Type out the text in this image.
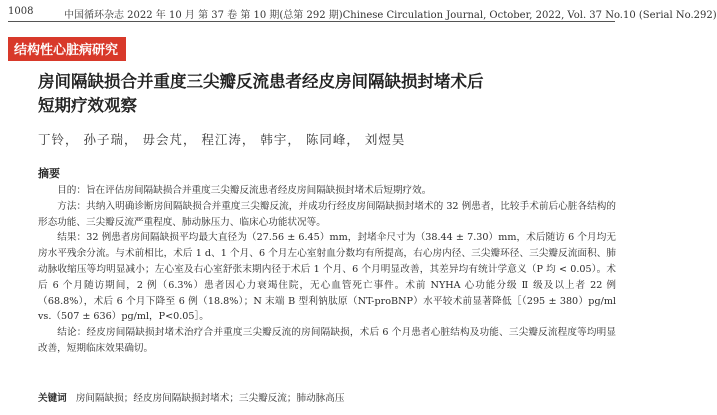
1008	中国循环杂志 2022 年 10 月 第 37 卷 第 10 期(总第 292 期)Chinese Circulation Journal, October, 2022, Vol. 37 No.10 (Serial No.292)
结构性心脏病研究
房间隔缺损合并重度三尖瓣反流患者经皮房间隔缺损封堵术后
短期疗效观察
丁铃， 孙子瑞， 毋会芃， 程江涛， 韩宇， 陈同峰， 刘煜昊
摘要

目的：旨在评估房间隔缺损合并重度三尖瓣反流患者经皮房间隔缺损封堵术后短期疗效。

方法：共纳入明确诊断房间隔缺损合并重度三尖瓣反流，并成功行经皮房间隔缺损封堵术的 32 例患者，比较手术前后心脏各结构的形态功能、三尖瓣反流严重程度、肺动脉压力、临床心功能状况等。

结果：32 例患者房间隔缺损平均最大直径为（27.56 ± 6.45）mm，封堵伞尺寸为（38.44 ± 7.30）mm，术后随访 6 个月均无房水平残余分流。与术前相比，术后 1 d、1 个月、6 个月左心室射血分数均有所提高，右心房内径、三尖瓣环径、三尖瓣反流面积、肺动脉收缩压等均明显减小；左心室及右心室舒张末期内径于术后 1 个月、6 个月明显改善，其差异均有统计学意义（P 均 < 0.05）。术后 6 个月随访期间，2 例（6.3%）患者因心力衰竭住院，无心血管死亡事件。术前 NYHA 心功能分级 Ⅱ 级及以上者 22 例（68.8%），术后 6 个月下降至 6 例（18.8%）；N 末端 B 型利钠肽原（NT-proBNP）水平较术前显著降低［（295 ± 380）pg/ml vs.（507 ± 636）pg/ml，P<0.05］。

结论：经皮房间隔缺损封堵术治疗合并重度三尖瓣反流的房间隔缺损，术后 6 个月患者心脏结构及功能、三尖瓣反流程度等均明显改善，短期临床效果确切。

关键词 房间隔缺损；经皮房间隔缺损封堵术；三尖瓣反流；肺动脉高压
